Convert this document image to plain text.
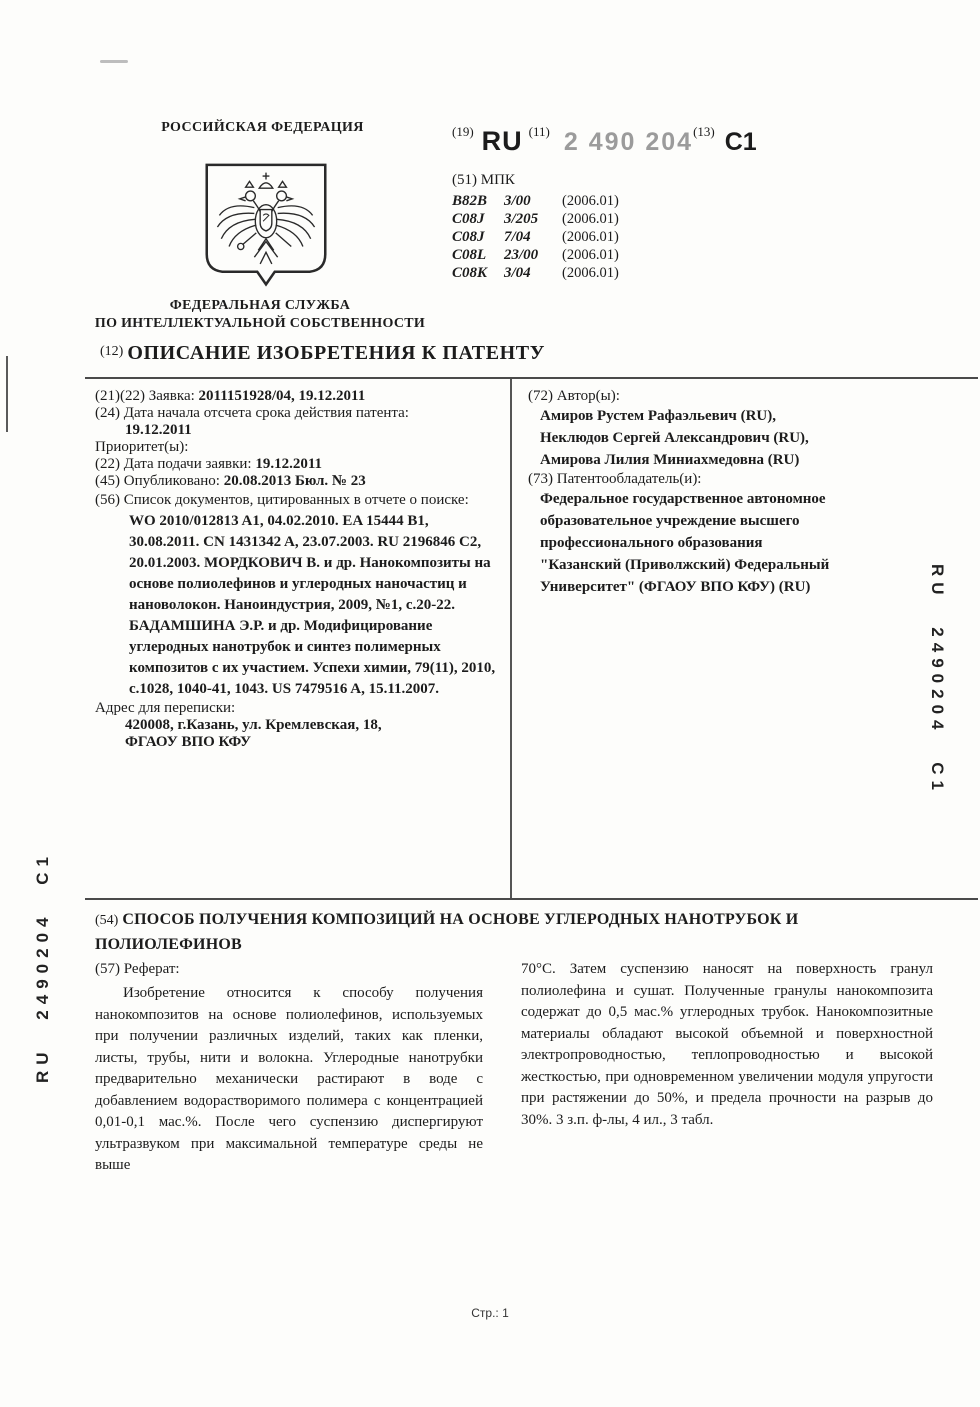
РОССИЙСКАЯ ФЕДЕРАЦИЯ
ФЕДЕРАЛЬНАЯ СЛУЖБА
ПО ИНТЕЛЛЕКТУАЛЬНОЙ СОБСТВЕННОСТИ
$^{(19)}$ RU $^{(11)}$ 2 490 204$^{(13)}$ C1
(51) МПК
B82B 3/00 (2006.01)
C08J 3/205 (2006.01)
C08J 7/04 (2006.01)
C08L 23/00 (2006.01)
C08K 3/04 (2006.01)
(12) ОПИСАНИЕ ИЗОБРЕТЕНИЯ К ПАТЕНТУ

(21)(22) Заявка: 2011151928/04, 19.12.2011

(24) Дата начала отсчета срока действия патента:

19.12.2011

Приоритет(ы):

(22) Дата подачи заявки: 19.12.2011

(45) Опубликовано: 20.08.2013 Бюл. № 23

(56) Список документов, цитированных в отчете о поиске: WO 2010/012813 A1, 04.02.2010. EA 15444 B1, 30.08.2011. CN 1431342 A, 23.07.2003. RU 2196846 C2, 20.01.2003. МОРДКОВИЧ В. и др. Нанокомпозиты на основе полиолефинов и углеродных наночастиц и нановолокон. Наноиндустрия, 2009, №1, с.20-22. БАДАМШИНА Э.Р. и др. Модифицирование углеродных нанотрубок и синтез полимерных композитов с их участием. Успехи химии, 79(11), 2010, с.1028, 1040-41, 1043. US 7479516 A, 15.11.2007.

Адрес для переписки:

420008, г.Казань, ул. Кремлевская, 18,
ФГАОУ ВПО КФУ

(72) Автор(ы):

Амиров Рустем Рафаэльевич (RU),
Неклюдов Сергей Александрович (RU),
Амирова Лилия Миниахмедовна (RU)

(73) Патентообладатель(и):

Федеральное государственное автономное
образовательное учреждение высшего
профессионального образования
"Казанский (Приволжский) Федеральный
Университет" (ФГАОУ ВПО КФУ) (RU)

(54) СПОСОБ ПОЛУЧЕНИЯ КОМПОЗИЦИЙ НА ОСНОВЕ УГЛЕРОДНЫХ НАНОТРУБОК И ПОЛИОЛЕФИНОВ
(57) Реферат:
Изобретение относится к способу получения нанокомпозитов на основе полиолефинов, используемых при получении различных изделий, таких как пленки, листы, трубы, нити и волокна. Углеродные нанотрубки предварительно механически растирают в воде с добавлением водорастворимого полимера с концентрацией 0,01-0,1 мас.%. После чего суспензию диспергируют ультразвуком при максимальной температуре среды не выше
70°C. Затем суспензию наносят на поверхность гранул полиолефина и сушат. Полученные гранулы нанокомпозита содержат до 0,5 мас.% углеродных трубок. Нанокомпозитные материалы обладают высокой объемной и поверхностной электропроводностью, теплопроводностью и высокой жесткостью, при одновременном увеличении модуля упругости при растяжении до 50%, и предела прочности на разрыв до 30%. 3 з.п. ф-лы, 4 ил., 3 табл.
Стр.: 1
RU 2490204 C1
RU 2490204 C1
